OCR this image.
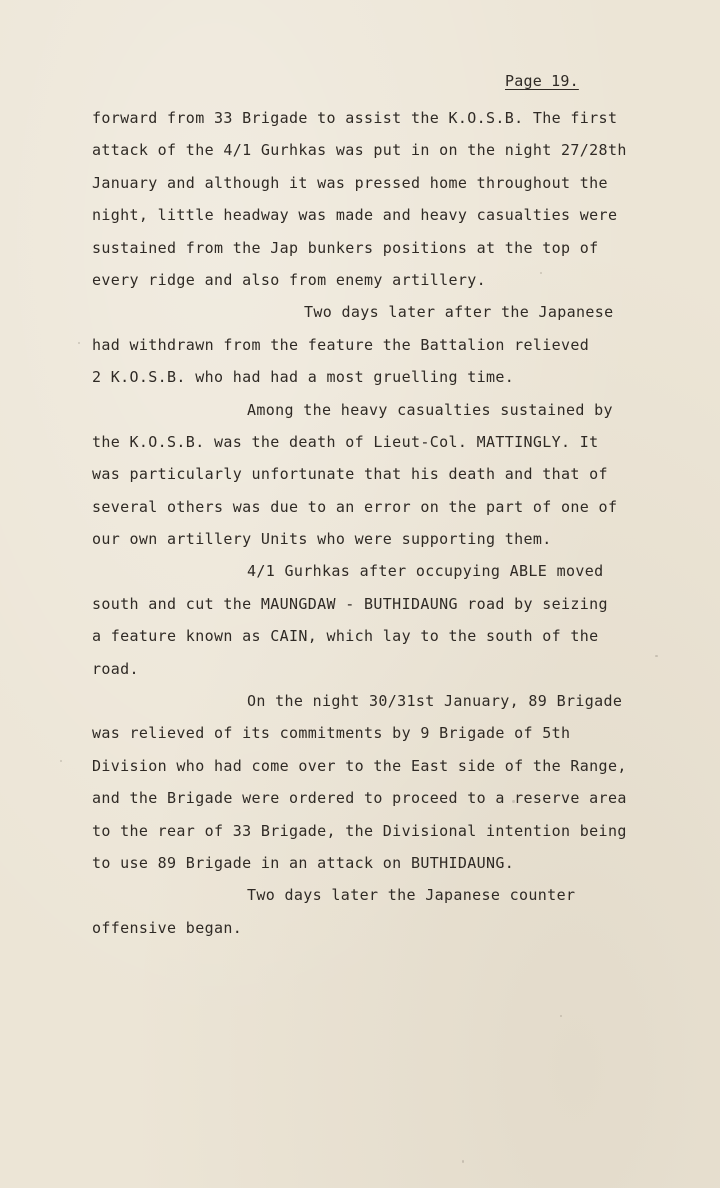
Page 19.
forward from 33 Brigade to assist the K.O.S.B. The first
attack of the 4/1 Gurhkas was put in on the night 27/28th
January and although it was pressed home throughout the
night, little headway was made and heavy casualties were
sustained from the Jap bunkers positions at the top of
every ridge and also from enemy artillery.
Two days later after the Japanese
had withdrawn from the feature the Battalion relieved
2 K.O.S.B. who had had a most gruelling time.
Among the heavy casualties sustained by
the K.O.S.B. was the death of Lieut-Col. MATTINGLY. It
was particularly unfortunate that his death and that of
several others was due to an error on the part of one of
our own artillery Units who were supporting them.
4/1 Gurhkas after occupying ABLE moved
south and cut the MAUNGDAW - BUTHIDAUNG road by seizing
a feature known as CAIN, which lay to the south of the
road.
On the night 30/31st January, 89 Brigade
was relieved of its commitments by 9 Brigade of 5th
Division who had come over to the East side of the Range,
and the Brigade were ordered to proceed to a reserve area
to the rear of 33 Brigade, the Divisional intention being
to use 89 Brigade in an attack on BUTHIDAUNG.
Two days later the Japanese counter
offensive began.
